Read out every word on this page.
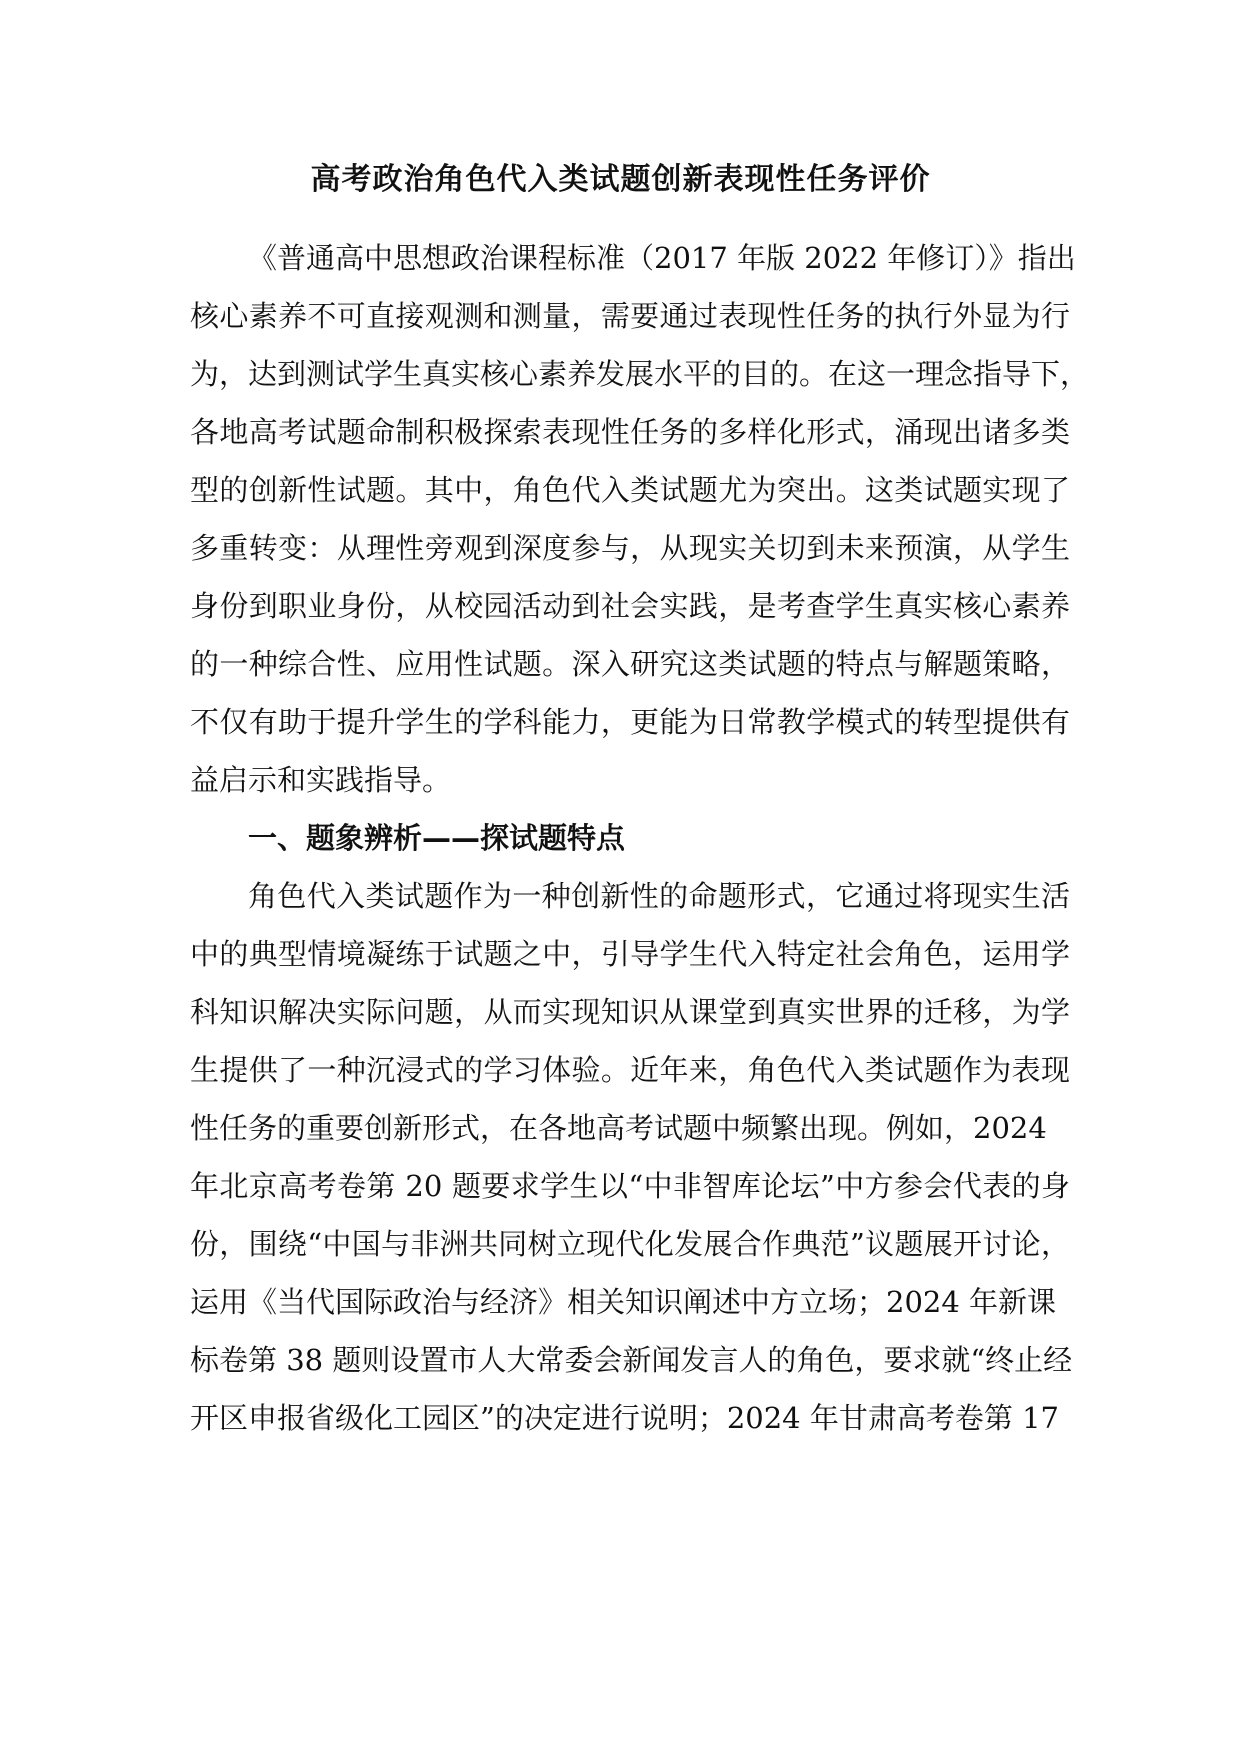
高考政治角色代入类试题创新表现性任务评价

《普通高中思想政治课程标准（2017 年版 2022 年修订）》指出

核心素养不可直接观测和测量，需要通过表现性任务的执行外显为行

为，达到测试学生真实核心素养发展水平的目的。在这一理念指导下，

各地高考试题命制积极探索表现性任务的多样化形式，涌现出诸多类

型的创新性试题。其中，角色代入类试题尤为突出。这类试题实现了

多重转变：从理性旁观到深度参与，从现实关切到未来预演，从学生

身份到职业身份，从校园活动到社会实践，是考查学生真实核心素养

的一种综合性、应用性试题。深入研究这类试题的特点与解题策略，

不仅有助于提升学生的学科能力，更能为日常教学模式的转型提供有

益启示和实践指导。

一、题象辨析——探试题特点

角色代入类试题作为一种创新性的命题形式，它通过将现实生活

中的典型情境凝练于试题之中，引导学生代入特定社会角色，运用学

科知识解决实际问题，从而实现知识从课堂到真实世界的迁移，为学

生提供了一种沉浸式的学习体验。近年来，角色代入类试题作为表现

性任务的重要创新形式，在各地高考试题中频繁出现。例如，2024

年北京高考卷第 20 题要求学生以“中非智库论坛”中方参会代表的身

份，围绕“中国与非洲共同树立现代化发展合作典范”议题展开讨论，

运用《当代国际政治与经济》相关知识阐述中方立场；2024 年新课

标卷第 38 题则设置市人大常委会新闻发言人的角色，要求就“终止经

开区申报省级化工园区”的决定进行说明；2024 年甘肃高考卷第 17
